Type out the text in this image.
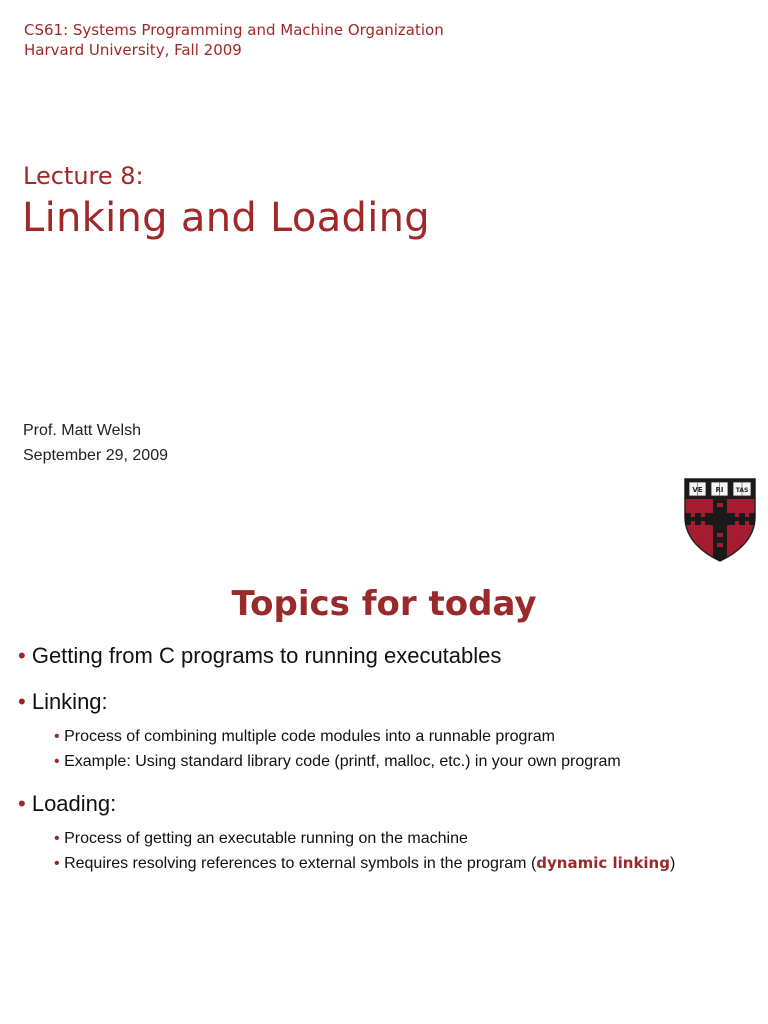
CS61: Systems Programming and Machine Organization
Harvard University, Fall 2009
Lecture 8:
Linking and Loading
Prof. Matt Welsh
September 29, 2009
VE RI TAS
Topics for today
• Getting from C programs to running executables
• Linking:
• Process of combining multiple code modules into a runnable program
• Example: Using standard library code (printf, malloc, etc.) in your own program
• Loading:
• Process of getting an executable running on the machine
• Requires resolving references to external symbols in the program (dynamic linking)
